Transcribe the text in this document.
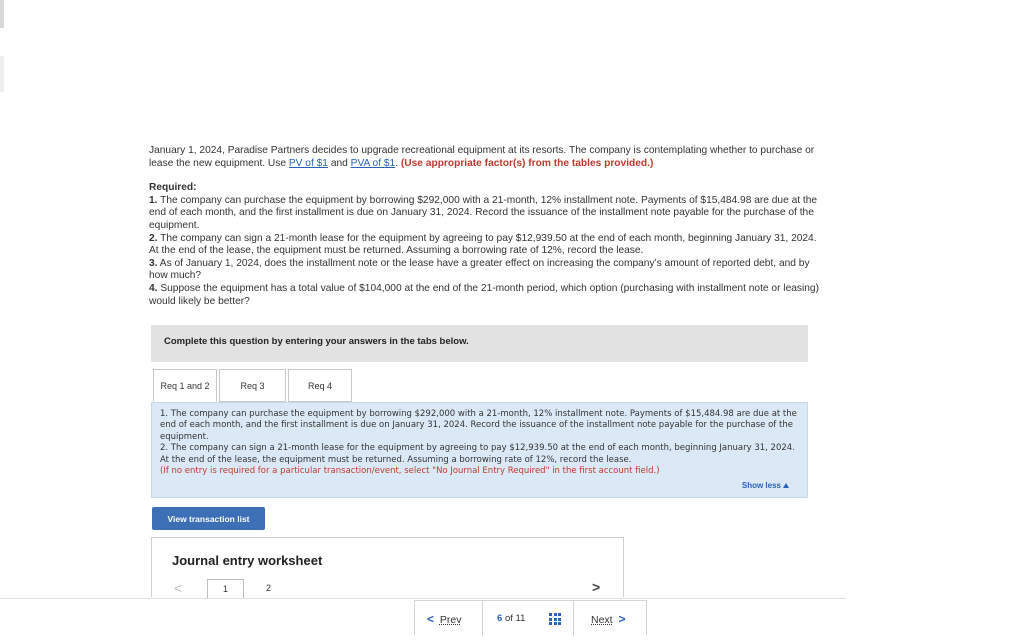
January 1, 2024, Paradise Partners decides to upgrade recreational equipment at its resorts. The company is contemplating whether to purchase or lease the new equipment. Use PV of $1 and PVA of $1. (Use appropriate factor(s) from the tables provided.)

Required:

1. The company can purchase the equipment by borrowing $292,000 with a 21-month, 12% installment note. Payments of $15,484.98 are due at the end of each month, and the first installment is due on January 31, 2024. Record the issuance of the installment note payable for the purchase of the equipment.

2. The company can sign a 21-month lease for the equipment by agreeing to pay $12,939.50 at the end of each month, beginning January 31, 2024. At the end of the lease, the equipment must be returned. Assuming a borrowing rate of 12%, record the lease.

3. As of January 1, 2024, does the installment note or the lease have a greater effect on increasing the company’s amount of reported debt, and by how much?

4. Suppose the equipment has a total value of $104,000 at the end of the 21-month period, which option (purchasing with installment note or leasing) would likely be better?

Complete this question by entering your answers in the tabs below.
Req 1 and 2	Req 3	Req 4

1. The company can purchase the equipment by borrowing $292,000 with a 21-month, 12% installment note. Payments of $15,484.98 are due at the end of each month, and the first installment is due on January 31, 2024. Record the issuance of the installment note payable for the purchase of the equipment.

2. The company can sign a 21-month lease for the equipment by agreeing to pay $12,939.50 at the end of each month, beginning January 31, 2024. At the end of the lease, the equipment must be returned. Assuming a borrowing rate of 12%, record the lease.

(If no entry is required for a particular transaction/event, select "No Journal Entry Required" in the first account field.)

Show less
View transaction list
Journal entry worksheet
<	1	2	>
< Prev	6 of 11	Next >
